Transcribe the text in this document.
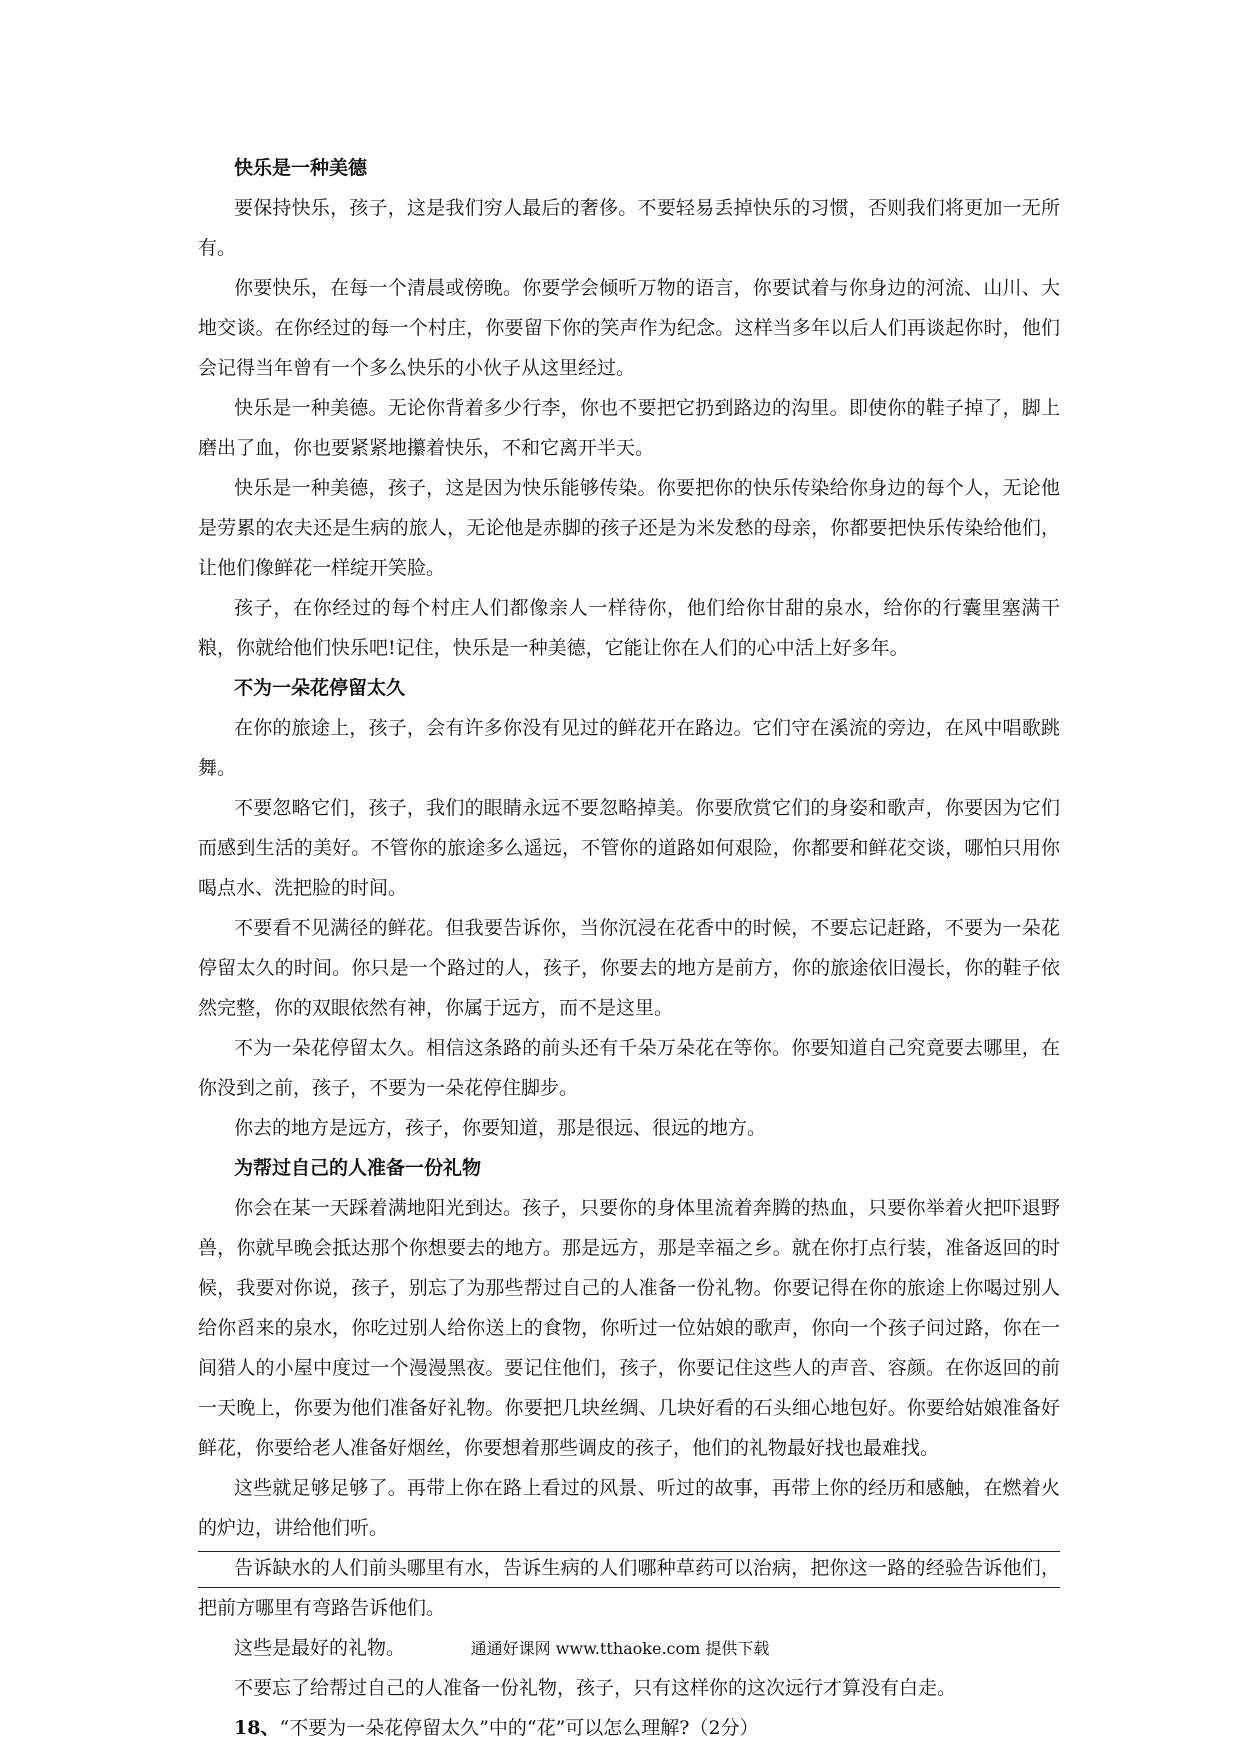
快乐是一种美德

要保持快乐，孩子，这是我们穷人最后的奢侈。不要轻易丢掉快乐的习惯，否则我们将更加一无所有。

你要快乐，在每一个清晨或傍晚。你要学会倾听万物的语言，你要试着与你身边的河流、山川、大地交谈。在你经过的每一个村庄，你要留下你的笑声作为纪念。这样当多年以后人们再谈起你时，他们会记得当年曾有一个多么快乐的小伙子从这里经过。

快乐是一种美德。无论你背着多少行李，你也不要把它扔到路边的沟里。即使你的鞋子掉了，脚上磨出了血，你也要紧紧地攥着快乐，不和它离开半天。

快乐是一种美德，孩子，这是因为快乐能够传染。你要把你的快乐传染给你身边的每个人，无论他是劳累的农夫还是生病的旅人，无论他是赤脚的孩子还是为米发愁的母亲，你都要把快乐传染给他们，让他们像鲜花一样绽开笑脸。

孩子，在你经过的每个村庄人们都像亲人一样待你，他们给你甘甜的泉水，给你的行囊里塞满干粮，你就给他们快乐吧!记住，快乐是一种美德，它能让你在人们的心中活上好多年。

不为一朵花停留太久

在你的旅途上，孩子，会有许多你没有见过的鲜花开在路边。它们守在溪流的旁边，在风中唱歌跳舞。

不要忽略它们，孩子，我们的眼睛永远不要忽略掉美。你要欣赏它们的身姿和歌声，你要因为它们而感到生活的美好。不管你的旅途多么遥远，不管你的道路如何艰险，你都要和鲜花交谈，哪怕只用你喝点水、洗把脸的时间。

不要看不见满径的鲜花。但我要告诉你，当你沉浸在花香中的时候，不要忘记赶路，不要为一朵花停留太久的时间。你只是一个路过的人，孩子，你要去的地方是前方，你的旅途依旧漫长，你的鞋子依然完整，你的双眼依然有神，你属于远方，而不是这里。

不为一朵花停留太久。相信这条路的前头还有千朵万朵花在等你。你要知道自己究竟要去哪里，在你没到之前，孩子，不要为一朵花停住脚步。

你去的地方是远方，孩子，你要知道，那是很远、很远的地方。

为帮过自己的人准备一份礼物

你会在某一天踩着满地阳光到达。孩子，只要你的身体里流着奔腾的热血，只要你举着火把吓退野兽，你就早晚会抵达那个你想要去的地方。那是远方，那是幸福之乡。就在你打点行装，准备返回的时候，我要对你说，孩子，别忘了为那些帮过自己的人准备一份礼物。你要记得在你的旅途上你喝过别人给你舀来的泉水，你吃过别人给你送上的食物，你听过一位姑娘的歌声，你向一个孩子问过路，你在一间猎人的小屋中度过一个漫漫黑夜。要记住他们，孩子，你要记住这些人的声音、容颜。在你返回的前一天晚上，你要为他们准备好礼物。你要把几块丝绸、几块好看的石头细心地包好。你要给姑娘准备好鲜花，你要给老人准备好烟丝，你要想着那些调皮的孩子，他们的礼物最好找也最难找。

这些就足够足够了。再带上你在路上看过的风景、听过的故事，再带上你的经历和感触，在燃着火的炉边，讲给他们听。

告诉缺水的人们前头哪里有水，告诉生病的人们哪种草药可以治病，把你这一路的经验告诉他们，把前方哪里有弯路告诉他们。

这些是最好的礼物。

不要忘了给帮过自己的人准备一份礼物，孩子，只有这样你的这次远行才算没有白走。

18、“不要为一朵花停留太久”中的“花”可以怎么理解?（2分）

通通好课网 www.tthaoke.com 提供下载
